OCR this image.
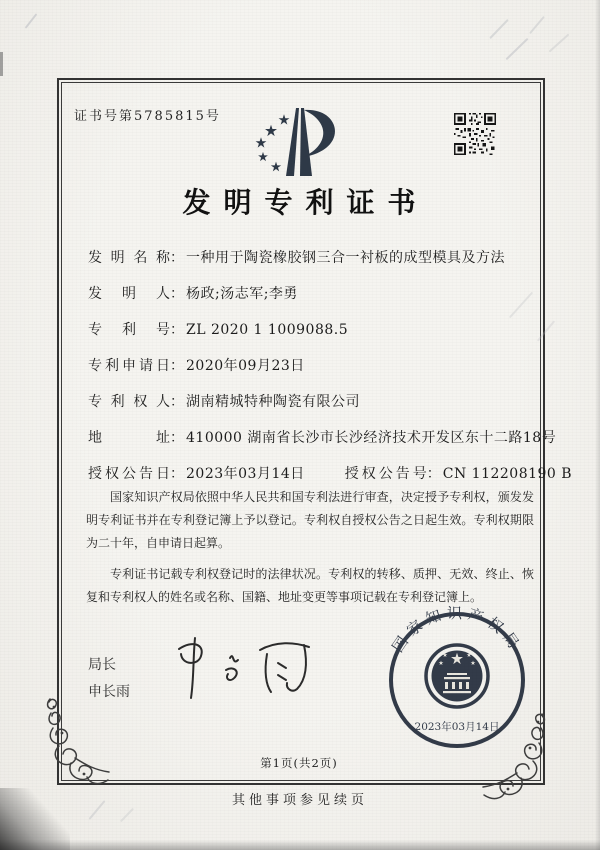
证书号第5785815号
发明专利证书
发明名称： 一种用于陶瓷橡胶钢三合一衬板的成型模具及方法
发明人： 杨政;汤志军;李勇
专利号： ZL 2020 1 1009088.5
专利申请日： 2020年09月23日
专利权人： 湖南精城特种陶瓷有限公司
地址： 410000 湖南省长沙市长沙经济技术开发区东十二路18号
授权公告日： 2023年03月14日	授权公告号： CN 112208190 B

国家知识产权局依照中华人民共和国专利法进行审查，决定授予专利权，颁发发明专利证书并在专利登记簿上予以登记。专利权自授权公告之日起生效。专利权期限为二十年，自申请日起算。

专利证书记载专利权登记时的法律状况。专利权的转移、质押、无效、终止、恢复和专利权人的姓名或名称、国籍、地址变更等事项记载在专利登记簿上。

局长
申长雨
国家知识产权局
2023年03月14日
第1页(共2页)
其他事项参见续页
